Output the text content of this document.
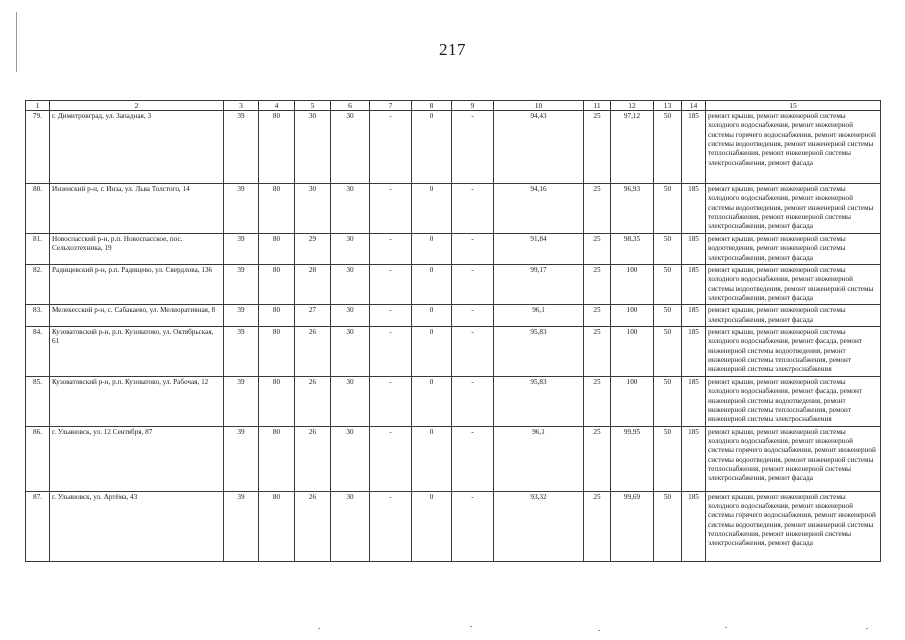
217
1	2	3	4	5	6	7	8	9	10	11	12	13	14	15
79.	г. Димитровград, ул. Западная, 3	39	80	30	30	-	0	-	94,43	25	97,12	50	185	ремонт крыши, ремонт инженерной системы холодного водоснабжения, ремонт инженерной системы горячего водоснабжения, ремонт инженерной системы водоотведения, ремонт инженерной системы теплоснабжения, ремонт инженерной системы электроснабжения, ремонт фасада
80.	Инзенский р-н, г. Инза, ул. Льва Толстого, 14	39	80	30	30	-	0	-	94,16	25	96,93	50	185	ремонт крыши, ремонт инженерной системы холодного водоснабжения, ремонт инженерной системы водоотведения, ремонт инженерной системы теплоснабжения, ремонт инженерной системы электроснабжения, ремонт фасада
81.	Новоспасский р-н, р.п. Новоспасское, пос. Сельхозтехника, 19	39	80	29	30	-	0	-	91,84	25	98,35	50	185	ремонт крыши, ремонт инженерной системы водоотведения, ремонт инженерной системы электроснабжения, ремонт фасада
82.	Радищевский р-н, р.п. Радищево, ул. Свердлова, 136	39	80	28	30	-	0	-	99,17	25	100	50	185	ремонт крыши, ремонт инженерной системы холодного водоснабжения, ремонт инженерной системы водоотведения, ремонт инженерной системы электроснабжения, ремонт фасада
83.	Мелекесский р-н, с. Сабакаево, ул. Мелиоративная, 8	39	80	27	30	-	0	-	96,1	25	100	50	185	ремонт крыши, ремонт инженерной системы электроснабжения, ремонт фасада
84.	Кузоватовский р-н, р.п. Кузоватово, ул. Октябрьская, 61	39	80	26	30	-	0	-	95,83	25	100	50	185	ремонт крыши, ремонт инженерной системы холодного водоснабжения, ремонт фасада, ремонт инженерной системы водоотведения, ремонт инженерной системы теплоснабжения, ремонт инженерной системы электроснабжения
85.	Кузоватовский р-н, р.п. Кузоватово, ул. Рабочая, 12	39	80	26	30	-	0	-	95,83	25	100	50	185	ремонт крыши, ремонт инженерной системы холодного водоснабжения, ремонт фасада, ремонт инженерной системы водоотведения, ремонт инженерной системы теплоснабжения, ремонт инженерной системы электроснабжения
86.	г. Ульяновск, ул. 12 Сентября, 87	39	80	26	30	-	0	-	96,1	25	99,95	50	185	ремонт крыши, ремонт инженерной системы холодного водоснабжения, ремонт инженерной системы горячего водоснабжения, ремонт инженерной системы водоотведения, ремонт инженерной системы теплоснабжения, ремонт инженерной системы электроснабжения, ремонт фасада
87.	г. Ульяновск, ул. Артёма, 43	39	80	26	30	-	0	-	93,32	25	99,69	50	185	ремонт крыши, ремонт инженерной системы холодного водоснабжения, ремонт инженерной системы горячего водоснабжения, ремонт инженерной системы водоотведения, ремонт инженерной системы теплоснабжения, ремонт инженерной системы электроснабжения, ремонт фасада
